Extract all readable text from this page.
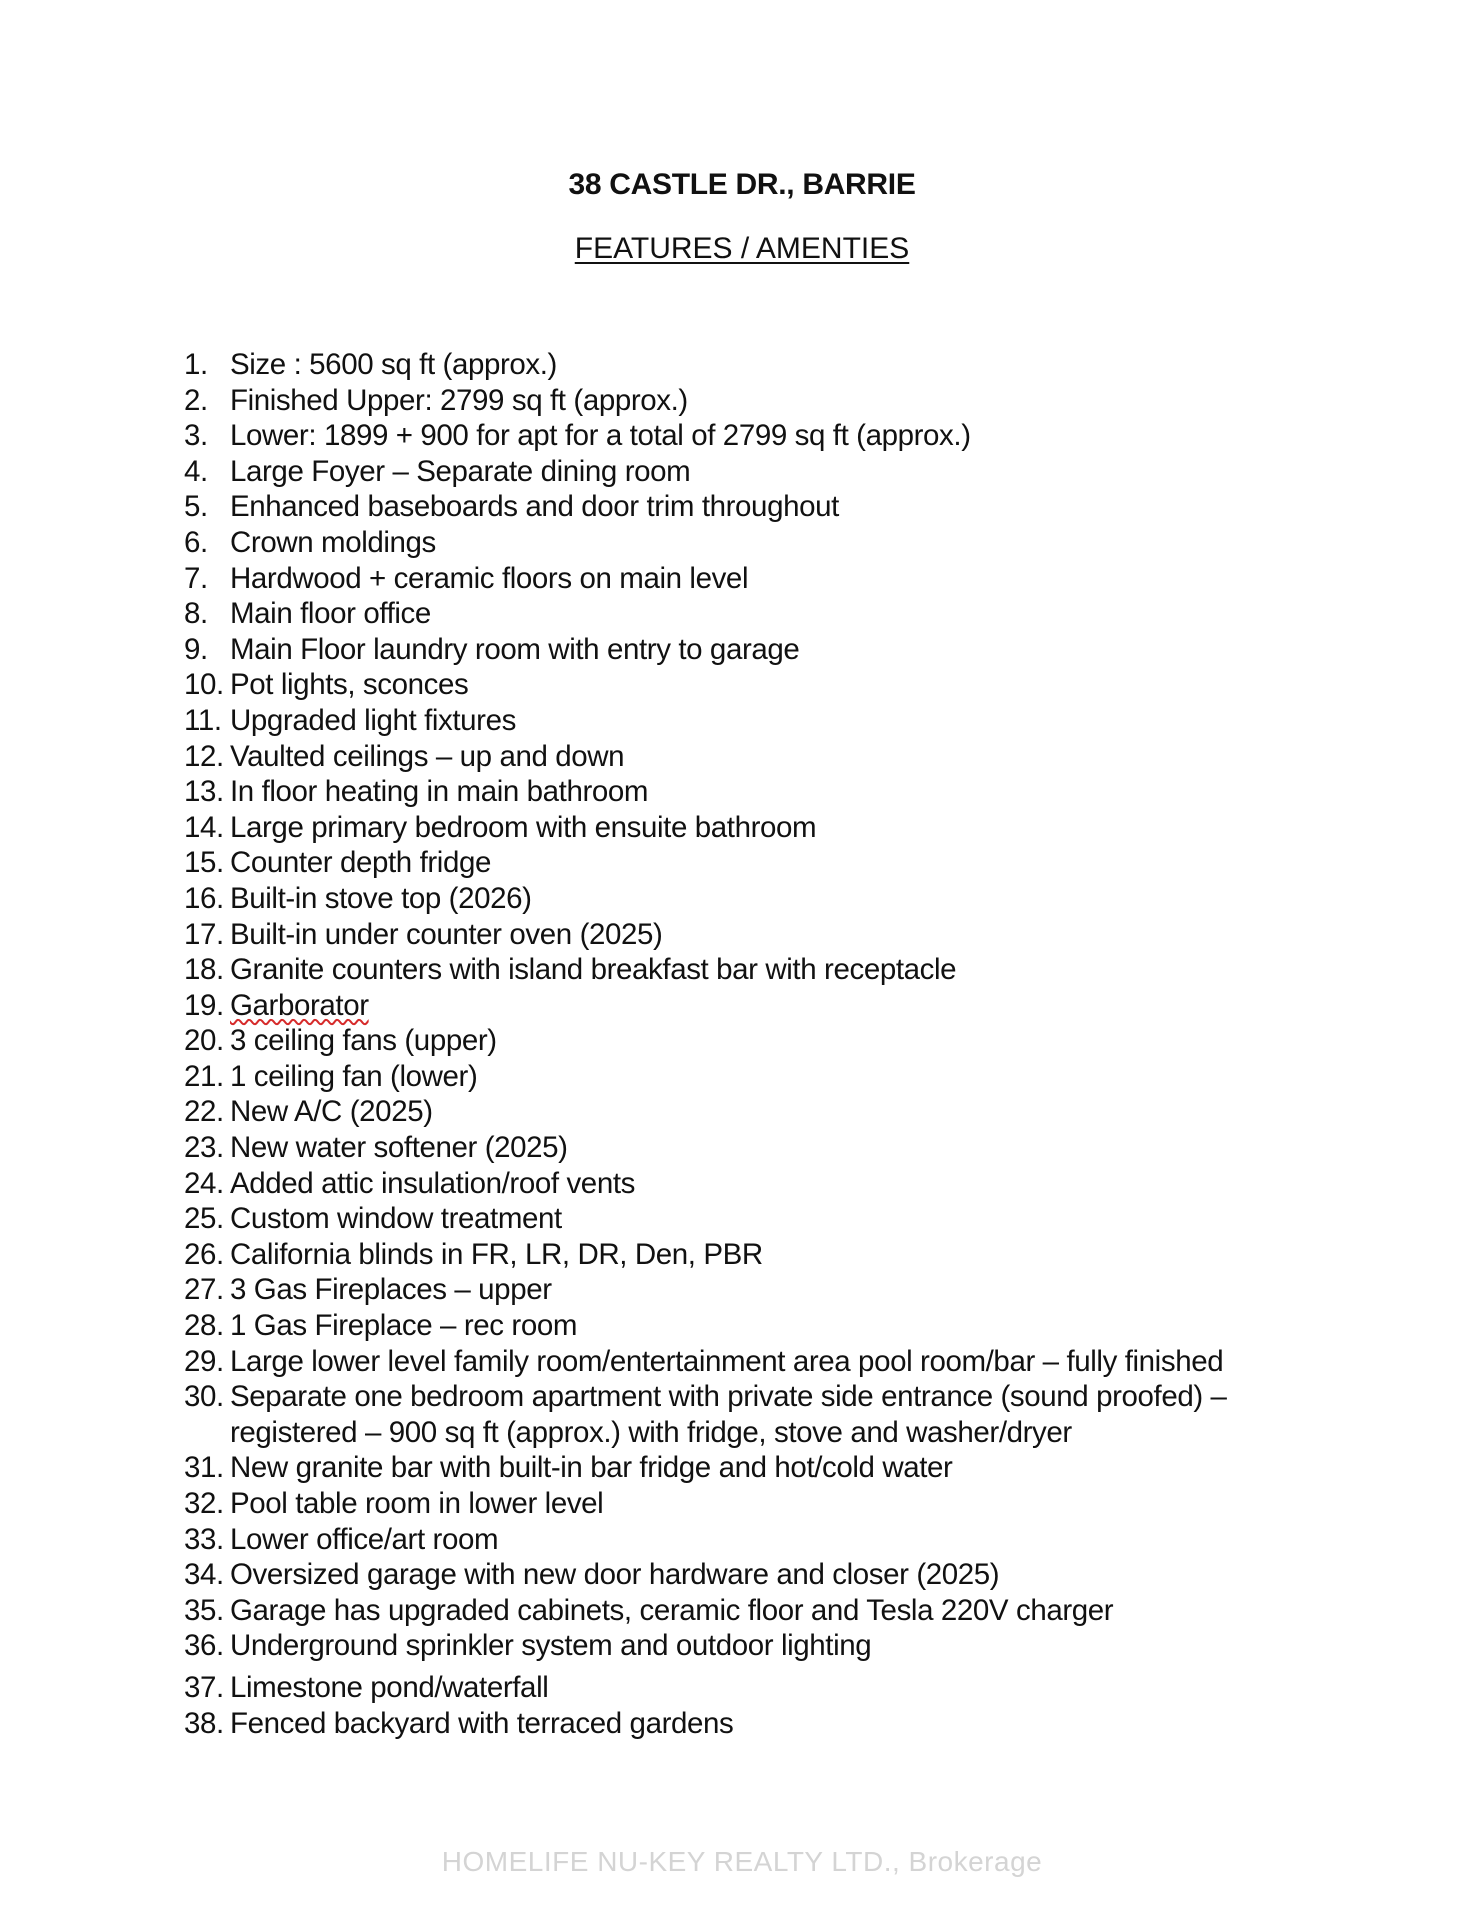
38 CASTLE DR., BARRIE
FEATURES / AMENTIES
1. Size : 5600 sq ft (approx.)
2. Finished Upper: 2799 sq ft (approx.)
3. Lower: 1899 + 900 for apt for a total of 2799 sq ft (approx.)
4. Large Foyer – Separate dining room
5. Enhanced baseboards and door trim throughout
6. Crown moldings
7. Hardwood + ceramic floors on main level
8. Main floor office
9. Main Floor laundry room with entry to garage
10. Pot lights, sconces
11. Upgraded light fixtures
12. Vaulted ceilings – up and down
13. In floor heating in main bathroom
14. Large primary bedroom with ensuite bathroom
15. Counter depth fridge
16. Built-in stove top (2026)
17. Built-in under counter oven (2025)
18. Granite counters with island breakfast bar with receptacle
19. Garborator
20. 3 ceiling fans (upper)
21. 1 ceiling fan (lower)
22. New A/C (2025)
23. New water softener (2025)
24. Added attic insulation/roof vents
25. Custom window treatment
26. California blinds in FR, LR, DR, Den, PBR
27. 3 Gas Fireplaces – upper
28. 1 Gas Fireplace – rec room
29. Large lower level family room/entertainment area pool room/bar – fully finished
30. Separate one bedroom apartment with private side entrance (sound proofed) – registered – 900 sq ft (approx.) with fridge, stove and washer/dryer
31. New granite bar with built-in bar fridge and hot/cold water
32. Pool table room in lower level
33. Lower office/art room
34. Oversized garage with new door hardware and closer (2025)
35. Garage has upgraded cabinets, ceramic floor and Tesla 220V charger
36. Underground sprinkler system and outdoor lighting
37. Limestone pond/waterfall
38. Fenced backyard with terraced gardens
HOMELIFE NU-KEY REALTY LTD., Brokerage
